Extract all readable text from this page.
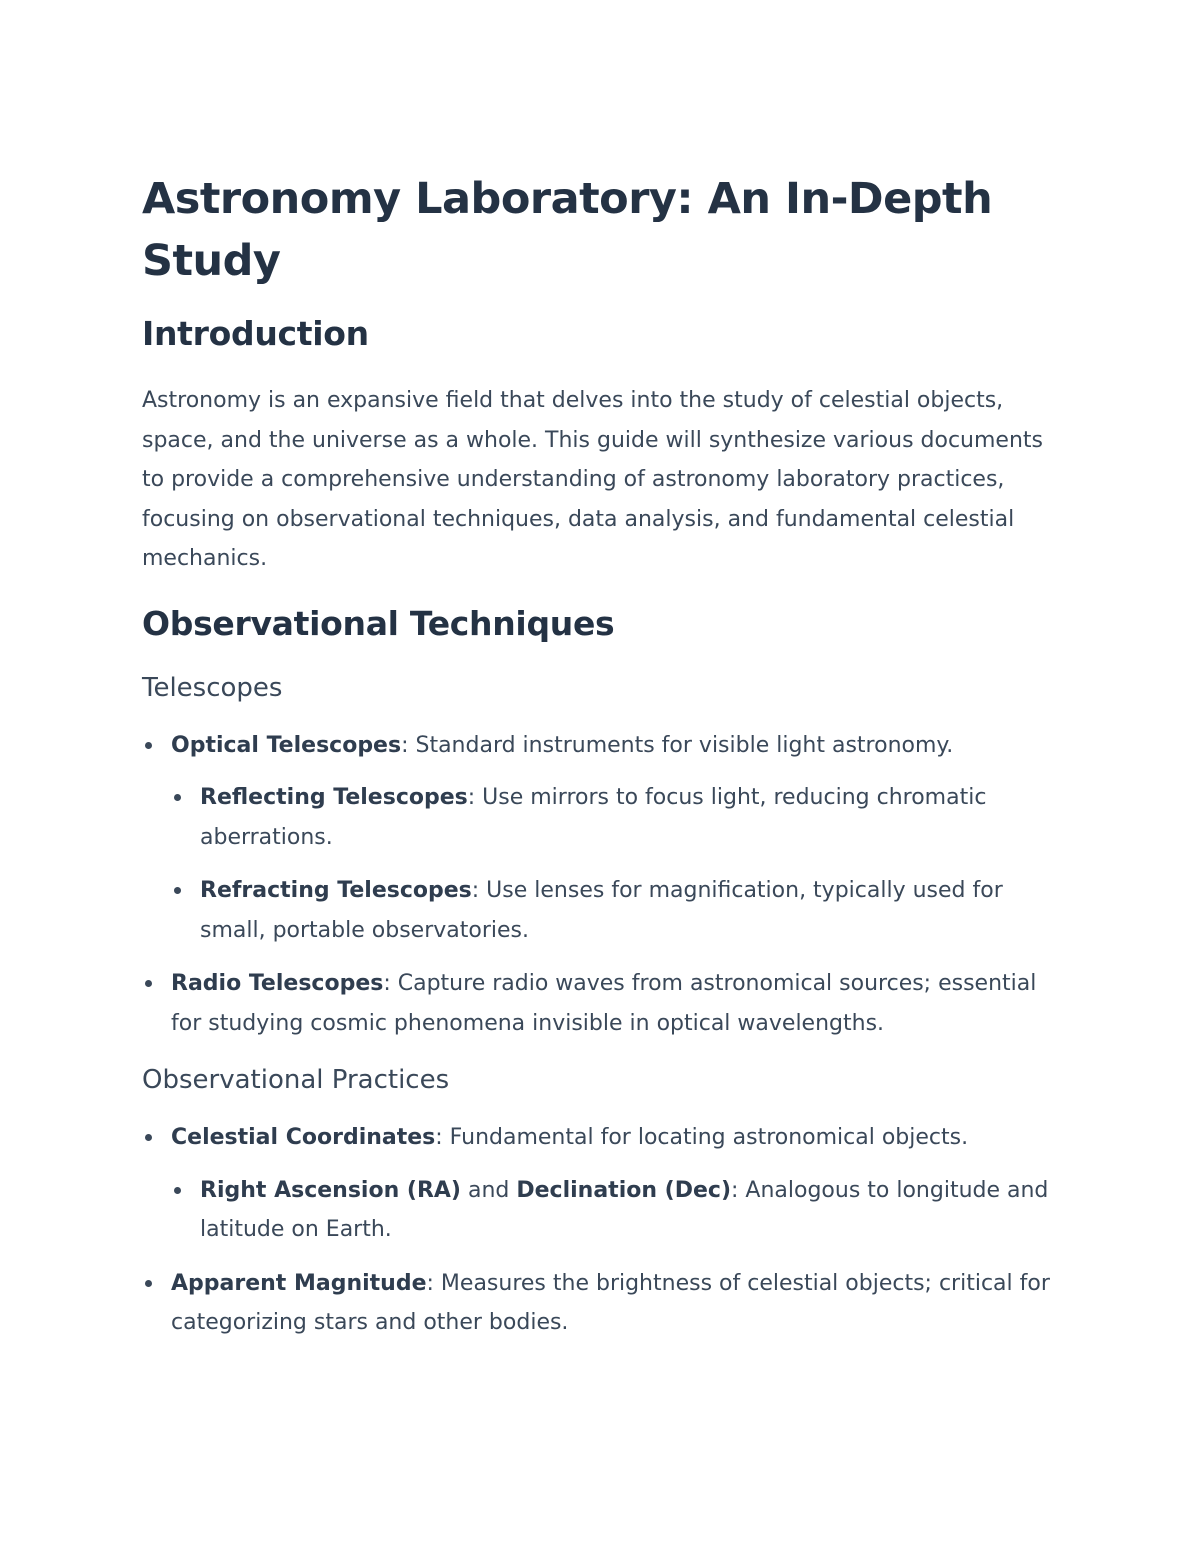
Astronomy Laboratory: An In-Depth
Study
Introduction

Astronomy is an expansive field that delves into the study of celestial objects, space, and the universe as a whole. This guide will synthesize various documents to provide a comprehensive understanding of astronomy laboratory practices, focusing on observational techniques, data analysis, and fundamental celestial mechanics.

Observational Techniques
Telescopes
Optical Telescopes: Standard instruments for visible light astronomy.
Reflecting Telescopes: Use mirrors to focus light, reducing chromatic aberrations.
Refracting Telescopes: Use lenses for magnification, typically used for small, portable observatories.
Radio Telescopes: Capture radio waves from astronomical sources; essential for studying cosmic phenomena invisible in optical wavelengths.
Observational Practices
Celestial Coordinates: Fundamental for locating astronomical objects.
Right Ascension (RA) and Declination (Dec): Analogous to longitude and latitude on Earth.
Apparent Magnitude: Measures the brightness of celestial objects; critical for categorizing stars and other bodies.
